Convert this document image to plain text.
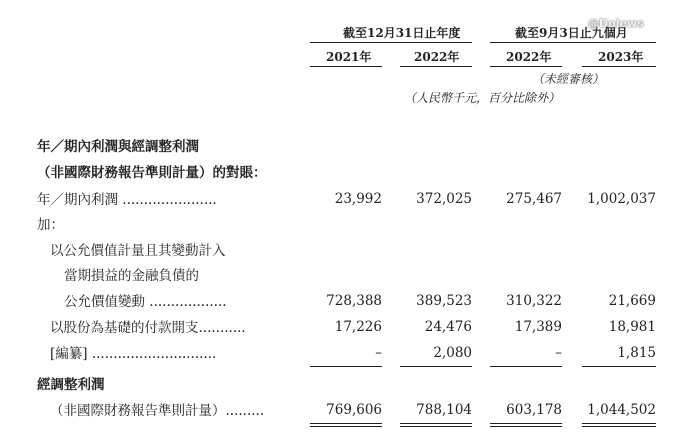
截至12月31日止年度	截至9月3日止九個月
@Dolews
2021年	2022年	2022年	2023年
（未經審核）
（人民幣千元，百分比除外）
年／期內利潤與經調整利潤
（非國際財務報告準則計量）的對賬：
年／期內利潤 ......................	23,992	372,025	275,467	1,002,037
加：
以公允價值計量且其變動計入
當期損益的金融負債的
公允價值變動 ..................	728,388	389,523	310,322	21,669
以股份為基礎的付款開支...........	17,226	24,476	17,389	18,981
[編纂] .............................	–	2,080	–	1,815
經調整利潤
（非國際財務報告準則計量）.........	769,606	788,104	603,178	1,044,502
